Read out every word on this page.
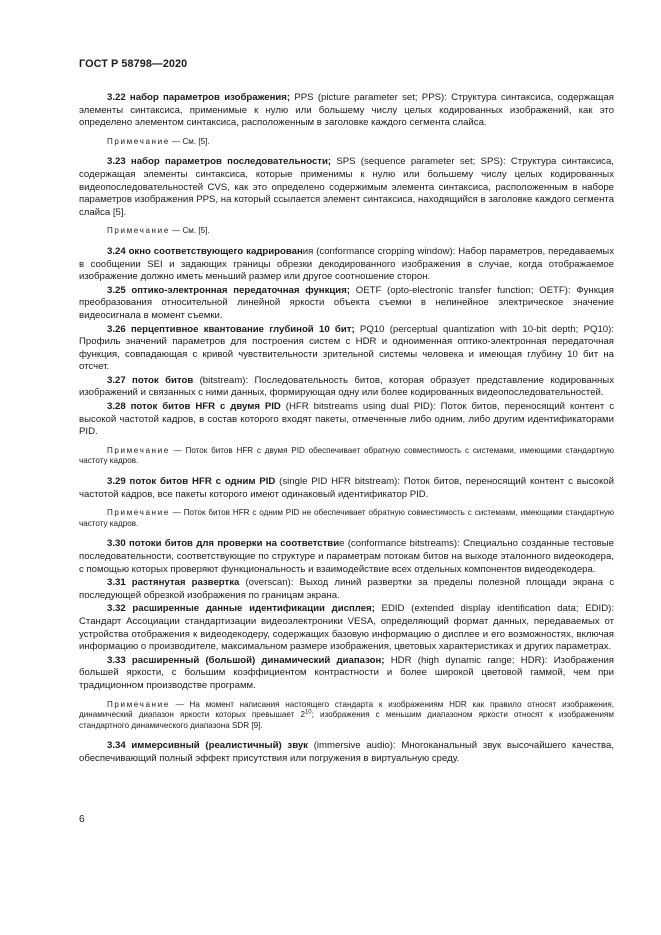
ГОСТ Р 58798—2020

3.22 набор параметров изображения; PPS (picture parameter set; PPS): Структура синтаксиса, содержащая элементы синтаксиса, применимые к нулю или большему числу целых кодированных изображений, как это определено элементом синтаксиса, расположенным в заголовке каждого сегмента слайса.

Примечание — См. [5].

3.23 набор параметров последовательности; SPS (sequence parameter set; SPS): Структура синтаксиса, содержащая элементы синтаксиса, которые применимы к нулю или большему числу целых кодированных видеопоследовательностей CVS, как это определено содержимым элемента синтаксиса, расположенным в наборе параметров изображения PPS, на который ссылается элемент синтаксиса, находящийся в заголовке каждого сегмента слайса [5].

Примечание — См. [5].

3.24 окно соответствующего кадрирования (conformance cropping window): Набор параметров, передаваемых в сообщении SEI и задающих границы обрезки декодированного изображения в случае, когда отображаемое изображение должно иметь меньший размер или другое соотношение сторон.

3.25 оптико-электронная передаточная функция; OETF (opto-electronic transfer function; OETF): Функция преобразования относительной линейной яркости объекта съемки в нелинейное электрическое значение видеосигнала в момент съемки.

3.26 перцептивное квантование глубиной 10 бит; PQ10 (perceptual quantization with 10-bit depth; PQ10): Профиль значений параметров для построения систем с HDR и одноименная оптико-электронная передаточная функция, совпадающая с кривой чувствительности зрительной системы человека и имеющая глубину 10 бит на отсчет.

3.27 поток битов (bitstream): Последовательность битов, которая образует представление кодированных изображений и связанных с ними данных, формирующая одну или более кодированных видеопоследовательностей.

3.28 поток битов HFR с двумя PID (HFR bitstreams using dual PID): Поток битов, переносящий контент с высокой частотой кадров, в состав которого входят пакеты, отмеченные либо одним, либо другим идентификаторами PID.

Примечание — Поток битов HFR с двумя PID обеспечивает обратную совместимость с системами, имеющими стандартную частоту кадров.

3.29 поток битов HFR с одним PID (single PID HFR bitstream): Поток битов, переносящий контент с высокой частотой кадров, все пакеты которого имеют одинаковый идентификатор PID.

Примечание — Поток битов HFR с одним PID не обеспечивает обратную совместимость с системами, имеющими стандартную частоту кадров.

3.30 потоки битов для проверки на соответствие (conformance bitstreams): Специально созданные тестовые последовательности, соответствующие по структуре и параметрам потокам битов на выходе эталонного видеокодера, с помощью которых проверяют функциональность и взаимодействие всех отдельных компонентов видеодекодера.

3.31 растянутая развертка (overscan): Выход линий развертки за пределы полезной площади экрана с последующей обрезкой изображения по границам экрана.

3.32 расширенные данные идентификации дисплея; EDID (extended display identification data; EDID): Стандарт Ассоциации стандартизации видеоэлектроники VESA, определяющий формат данных, передаваемых от устройства отображения к видеодекодеру, содержащих базовую информацию о дисплее и его возможностях, включая информацию о производителе, максимальном размере изображения, цветовых характеристиках и других параметрах.

3.33 расширенный (большой) динамический диапазон; HDR (high dynamic range; HDR): Изображения большей яркости, с большим коэффициентом контрастности и более широкой цветовой гаммой, чем при традиционном производстве программ.

Примечание — На момент написания настоящего стандарта к изображениям HDR как правило относят изображения, динамический диапазон яркости которых превышает $2^{10}$; изображения с меньшим диапазоном яркости относят к изображениям стандартного динамического диапазона SDR [9].

3.34 иммерсивный (реалистичный) звук (immersive audio): Многоканальный звук высочайшего качества, обеспечивающий полный эффект присутствия или погружения в виртуальную среду.

6
